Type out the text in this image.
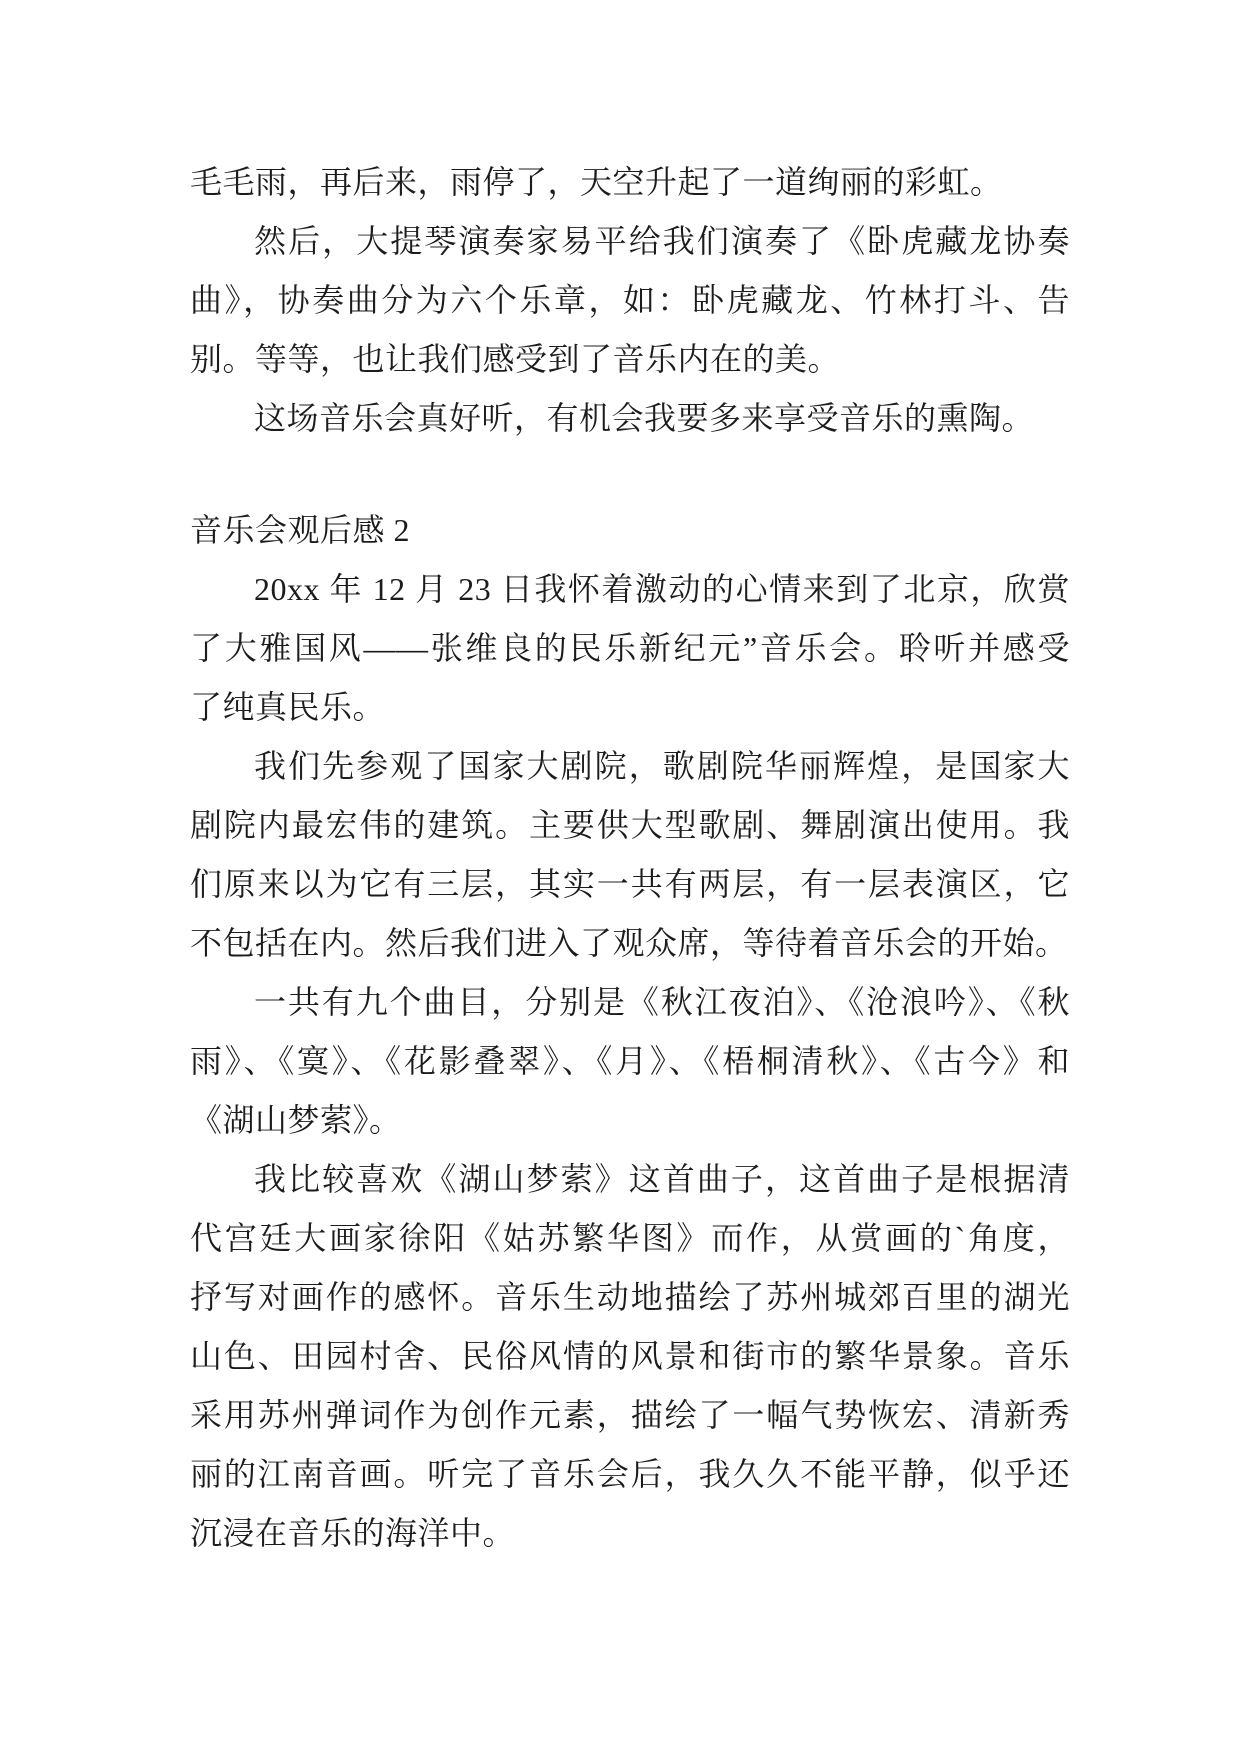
毛毛雨，再后来，雨停了，天空升起了一道绚丽的彩虹。
然后，大提琴演奏家易平给我们演奏了《卧虎藏龙协奏
曲》，协奏曲分为六个乐章，如：卧虎藏龙、竹林打斗、告
别。等等，也让我们感受到了音乐内在的美。
这场音乐会真好听，有机会我要多来享受音乐的熏陶。
音乐会观后感 2
20xx 年 12 月 23 日我怀着激动的心情来到了北京，欣赏
了大雅国风——张维良的民乐新纪元”音乐会。聆听并感受
了纯真民乐。
我们先参观了国家大剧院，歌剧院华丽辉煌，是国家大
剧院内最宏伟的建筑。主要供大型歌剧、舞剧演出使用。我
们原来以为它有三层，其实一共有两层，有一层表演区，它
不包括在内。然后我们进入了观众席，等待着音乐会的开始。
一共有九个曲目，分别是《秋江夜泊》、《沧浪吟》、《秋
雨》、《寞》、《花影叠翠》、《月》、《梧桐清秋》、《古今》和
《湖山梦萦》。
我比较喜欢《湖山梦萦》这首曲子，这首曲子是根据清
代宫廷大画家徐阳《姑苏繁华图》而作，从赏画的`角度，
抒写对画作的感怀。音乐生动地描绘了苏州城郊百里的湖光
山色、田园村舍、民俗风情的风景和街市的繁华景象。音乐
采用苏州弹词作为创作元素，描绘了一幅气势恢宏、清新秀
丽的江南音画。听完了音乐会后，我久久不能平静，似乎还
沉浸在音乐的海洋中。
